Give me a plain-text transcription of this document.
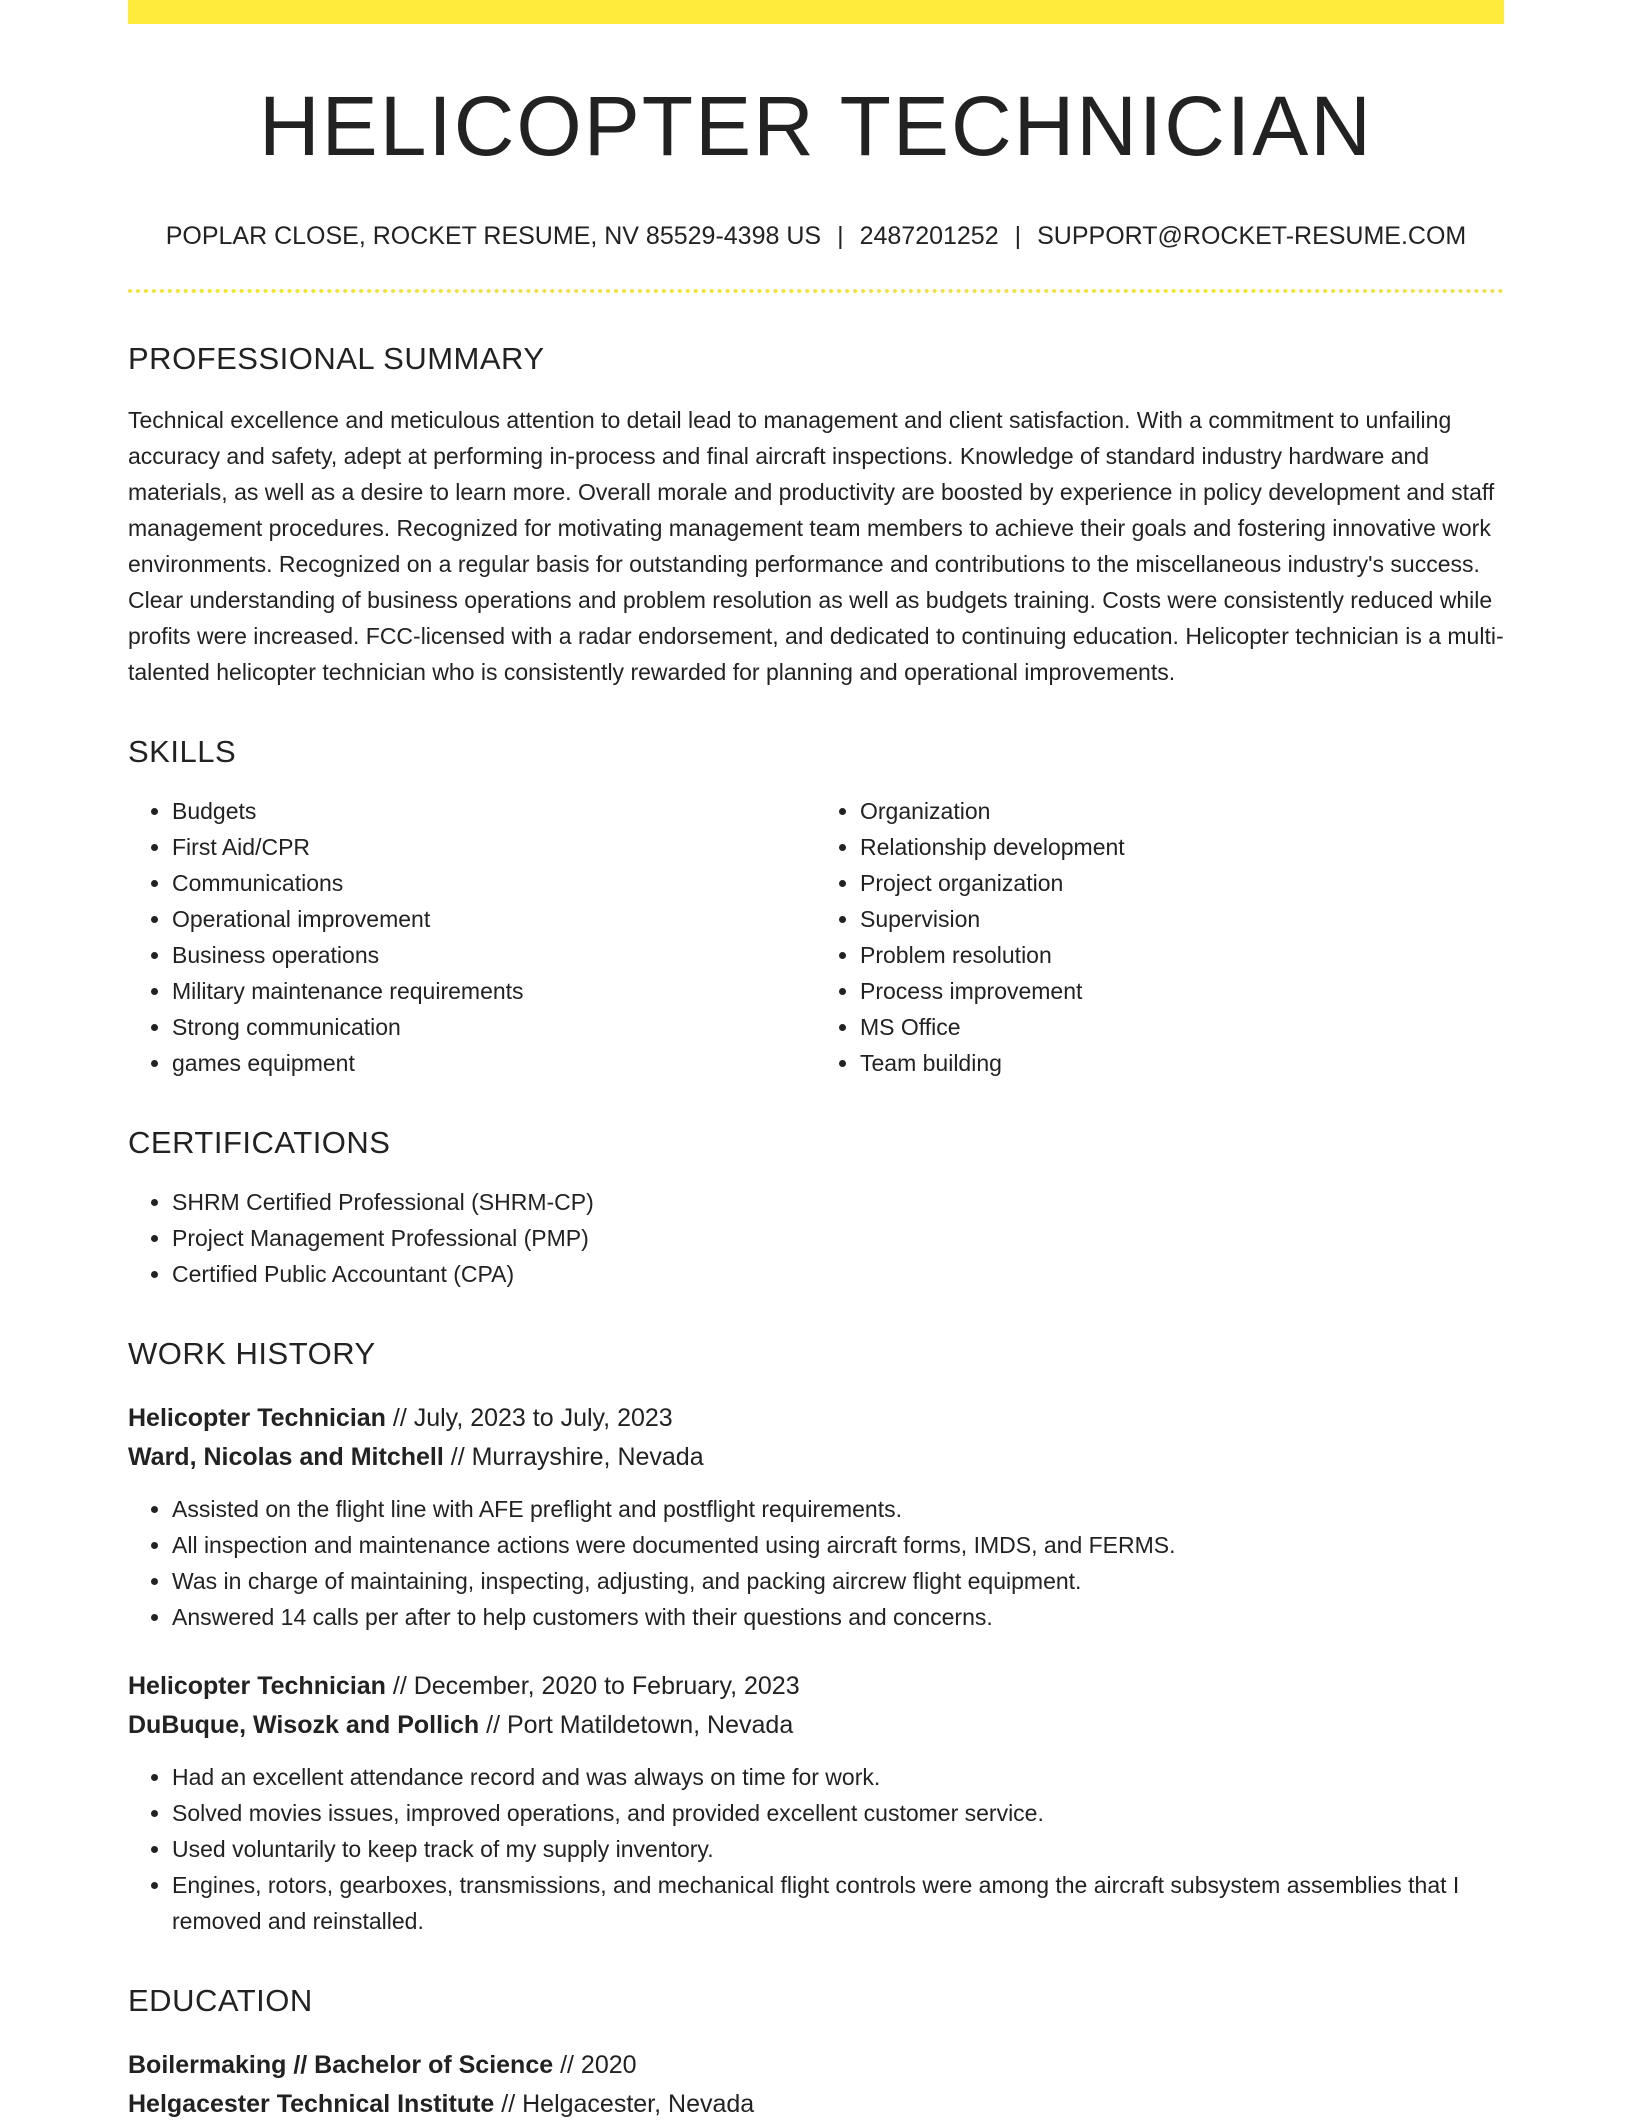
HELICOPTER TECHNICIAN
POPLAR CLOSE, ROCKET RESUME, NV 85529-4398 US | 2487201252 | SUPPORT@ROCKET-RESUME.COM
PROFESSIONAL SUMMARY
Technical excellence and meticulous attention to detail lead to management and client satisfaction. With a commitment to unfailing accuracy and safety, adept at performing in-process and final aircraft inspections. Knowledge of standard industry hardware and materials, as well as a desire to learn more. Overall morale and productivity are boosted by experience in policy development and staff management procedures. Recognized for motivating management team members to achieve their goals and fostering innovative work environments. Recognized on a regular basis for outstanding performance and contributions to the miscellaneous industry's success. Clear understanding of business operations and problem resolution as well as budgets training. Costs were consistently reduced while profits were increased. FCC-licensed with a radar endorsement, and dedicated to continuing education. Helicopter technician is a multi-talented helicopter technician who is consistently rewarded for planning and operational improvements.
SKILLS
• Budgets
• First Aid/CPR
• Communications
• Operational improvement
• Business operations
• Military maintenance requirements
• Strong communication
• games equipment
• Organization
• Relationship development
• Project organization
• Supervision
• Problem resolution
• Process improvement
• MS Office
• Team building
CERTIFICATIONS
• SHRM Certified Professional (SHRM-CP)
• Project Management Professional (PMP)
• Certified Public Accountant (CPA)
WORK HISTORY
Helicopter Technician // July, 2023 to July, 2023
Ward, Nicolas and Mitchell // Murrayshire, Nevada
• Assisted on the flight line with AFE preflight and postflight requirements.
• All inspection and maintenance actions were documented using aircraft forms, IMDS, and FERMS.
• Was in charge of maintaining, inspecting, adjusting, and packing aircrew flight equipment.
• Answered 14 calls per after to help customers with their questions and concerns.
Helicopter Technician // December, 2020 to February, 2023
DuBuque, Wisozk and Pollich // Port Matildetown, Nevada
• Had an excellent attendance record and was always on time for work.
• Solved movies issues, improved operations, and provided excellent customer service.
• Used voluntarily to keep track of my supply inventory.
• Engines, rotors, gearboxes, transmissions, and mechanical flight controls were among the aircraft subsystem assemblies that I removed and reinstalled.
EDUCATION
Boilermaking // Bachelor of Science // 2020
Helgacester Technical Institute // Helgacester, Nevada
